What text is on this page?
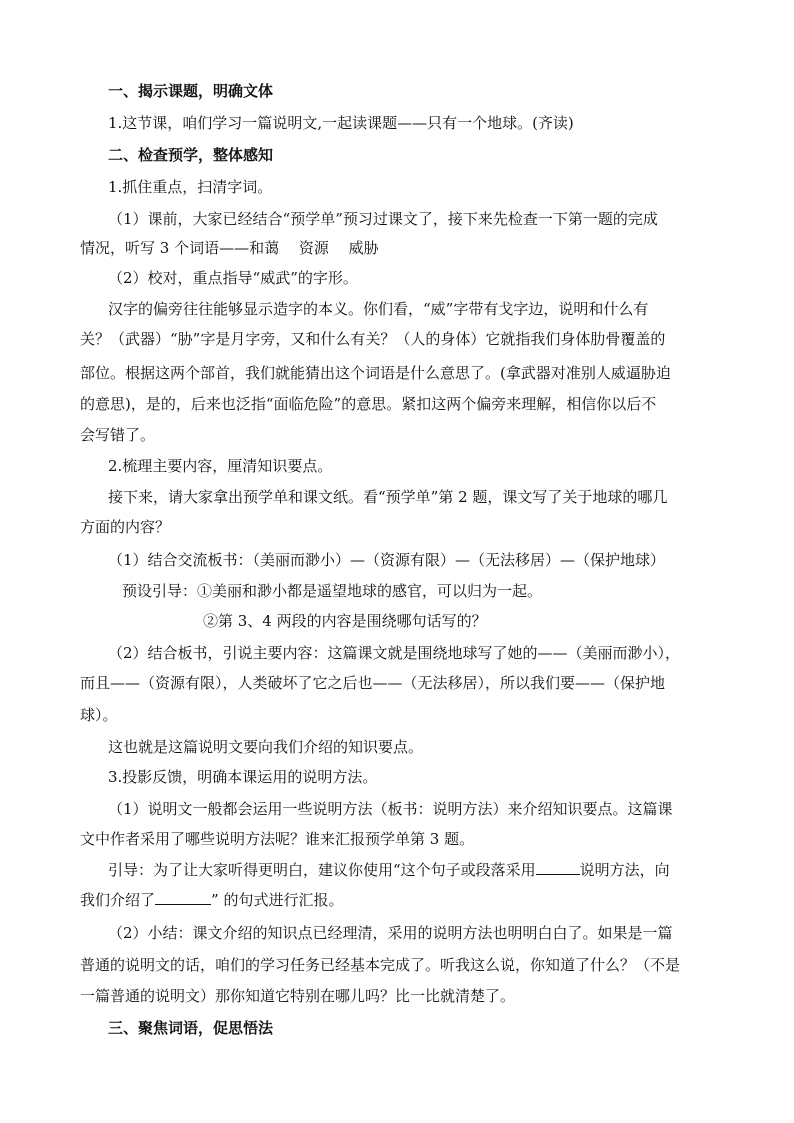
一、揭示课题，明确文体
1.这节课，咱们学习一篇说明文,一起读课题——只有一个地球。(齐读)
二、检查预学，整体感知
1.抓住重点，扫清字词。
（1）课前，大家已经结合“预学单”预习过课文了，接下来先检查一下第一题的完成
情况，听写 3 个词语——和蔼　 资源　 威胁
（2）校对，重点指导“威武”的字形。
汉字的偏旁往往能够显示造字的本义。你们看，“威”字带有戈字边，说明和什么有
关？（武器）“胁”字是月字旁，又和什么有关？（人的身体）它就指我们身体肋骨覆盖的
部位。根据这两个部首，我们就能猜出这个词语是什么意思了。(拿武器对准别人威逼胁迫
的意思)，是的，后来也泛指“面临危险”的意思。紧扣这两个偏旁来理解，相信你以后不
会写错了。
2.梳理主要内容，厘清知识要点。
接下来，请大家拿出预学单和课文纸。看“预学单”第 2 题，课文写了关于地球的哪几
方面的内容？
（1）结合交流板书：（美丽而渺小）—（资源有限）—（无法移居）—（保护地球）
预设引导：①美丽和渺小都是遥望地球的感官，可以归为一起。
②第 3、4 两段的内容是围绕哪句话写的？
（2）结合板书，引说主要内容：这篇课文就是围绕地球写了她的——（美丽而渺小），
而且——（资源有限），人类破坏了它之后也——（无法移居），所以我们要——（保护地
球）。
这也就是这篇说明文要向我们介绍的知识要点。
3.投影反馈，明确本课运用的说明方法。
（1）说明文一般都会运用一些说明方法（板书：说明方法）来介绍知识要点。这篇课
文中作者采用了哪些说明方法呢？谁来汇报预学单第 3 题。
引导：为了让大家听得更明白，建议你使用“这个句子或段落采用	说明方法，向
我们介绍了	” 的句式进行汇报。
（2）小结：课文介绍的知识点已经理清，采用的说明方法也明明白白了。如果是一篇
普通的说明文的话，咱们的学习任务已经基本完成了。听我这么说，你知道了什么？（不是
一篇普通的说明文）那你知道它特别在哪儿吗？比一比就清楚了。
三、聚焦词语，促思悟法
